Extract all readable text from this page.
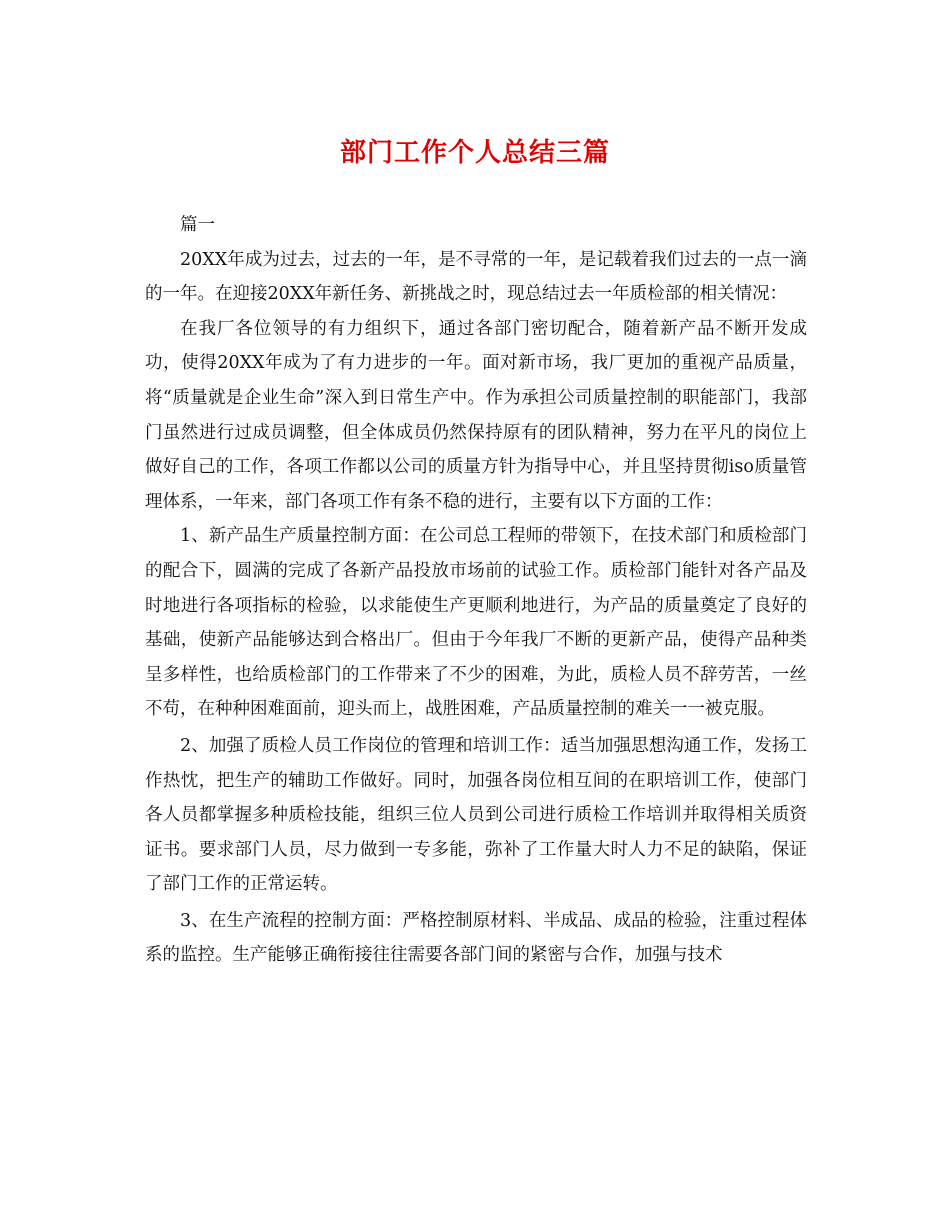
部门工作个人总结三篇

篇一

20XX年成为过去，过去的一年，是不寻常的一年，是记载着我们过去的一点一滴的一年。在迎接20XX年新任务、新挑战之时，现总结过去一年质检部的相关情况：

在我厂各位领导的有力组织下，通过各部门密切配合，随着新产品不断开发成功，使得20XX年成为了有力进步的一年。面对新市场，我厂更加的重视产品质量，将“质量就是企业生命”深入到日常生产中。作为承担公司质量控制的职能部门，我部门虽然进行过成员调整，但全体成员仍然保持原有的团队精神，努力在平凡的岗位上做好自己的工作，各项工作都以公司的质量方针为指导中心，并且坚持贯彻iso质量管理体系，一年来，部门各项工作有条不稳的进行，主要有以下方面的工作：

1、新产品生产质量控制方面：在公司总工程师的带领下，在技术部门和质检部门的配合下，圆满的完成了各新产品投放市场前的试验工作。质检部门能针对各产品及时地进行各项指标的检验，以求能使生产更顺利地进行，为产品的质量奠定了良好的基础，使新产品能够达到合格出厂。但由于今年我厂不断的更新产品，使得产品种类呈多样性，也给质检部门的工作带来了不少的困难，为此，质检人员不辞劳苦，一丝不苟，在种种困难面前，迎头而上，战胜困难，产品质量控制的难关一一被克服。

2、加强了质检人员工作岗位的管理和培训工作：适当加强思想沟通工作，发扬工作热忱，把生产的辅助工作做好。同时，加强各岗位相互间的在职培训工作，使部门各人员都掌握多种质检技能，组织三位人员到公司进行质检工作培训并取得相关质资证书。要求部门人员，尽力做到一专多能，弥补了工作量大时人力不足的缺陷，保证了部门工作的正常运转。

3、在生产流程的控制方面：严格控制原材料、半成品、成品的检验，注重过程体系的监控。生产能够正确衔接往往需要各部门间的紧密与合作，加强与技术
